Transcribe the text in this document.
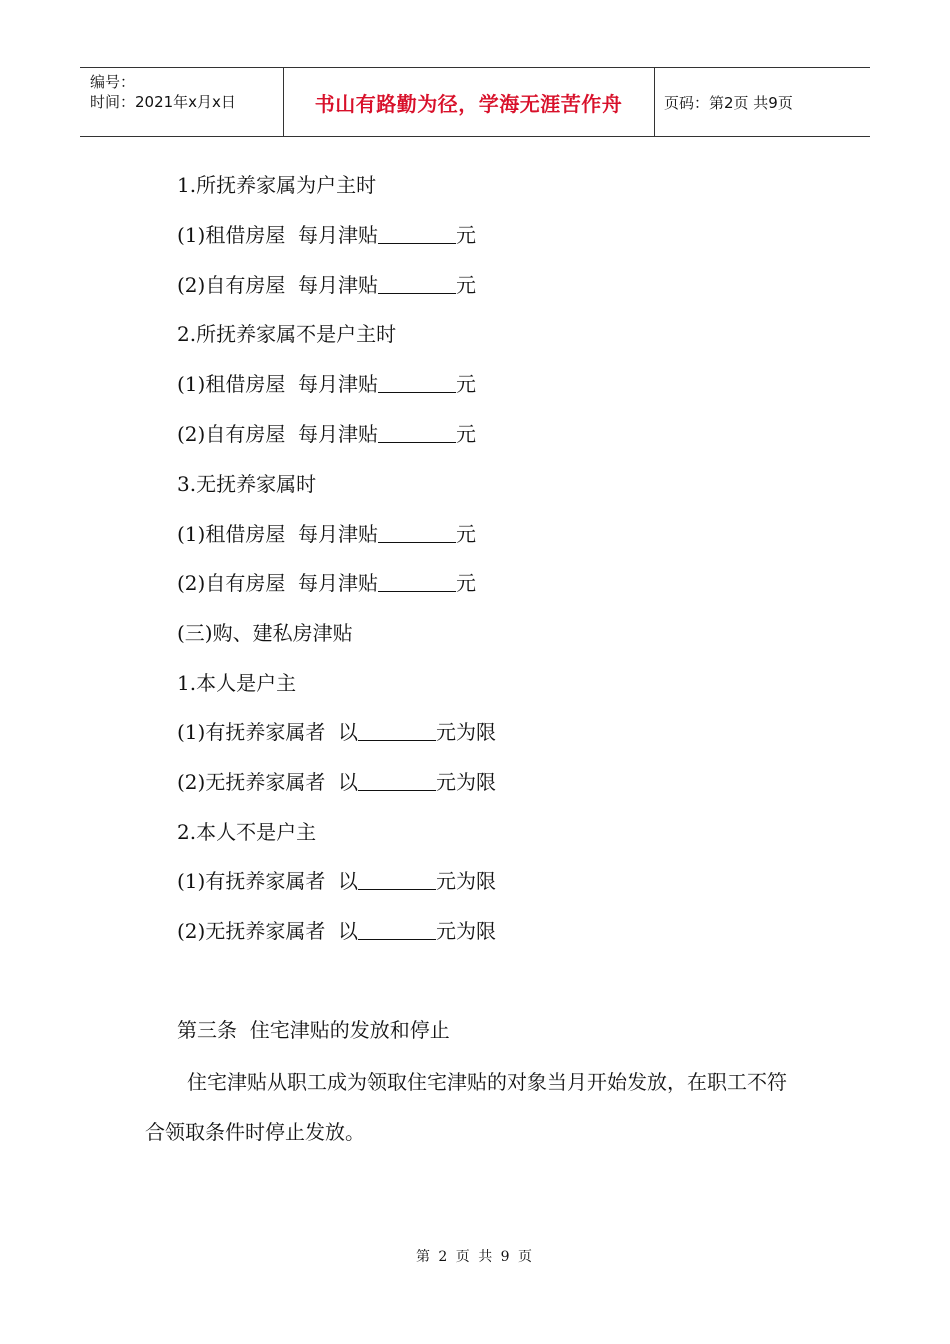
编号：
时间：2021年x月x日	书山有路勤为径，学海无涯苦作舟	页码：第2页 共9页
1.所抚养家属为户主时
(1)租借房屋  每月津贴	元
(2)自有房屋  每月津贴	元
2.所抚养家属不是户主时
(1)租借房屋  每月津贴	元
(2)自有房屋  每月津贴	元
3.无抚养家属时
(1)租借房屋  每月津贴	元
(2)自有房屋  每月津贴	元
(三)购、建私房津贴
1.本人是户主
(1)有抚养家属者  以	元为限
(2)无抚养家属者  以	元为限
2.本人不是户主
(1)有抚养家属者  以	元为限
(2)无抚养家属者  以	元为限
第三条  住宅津贴的发放和停止
住宅津贴从职工成为领取住宅津贴的对象当月开始发放，在职工不符合领取条件时停止发放。
第 2 页 共 9 页
